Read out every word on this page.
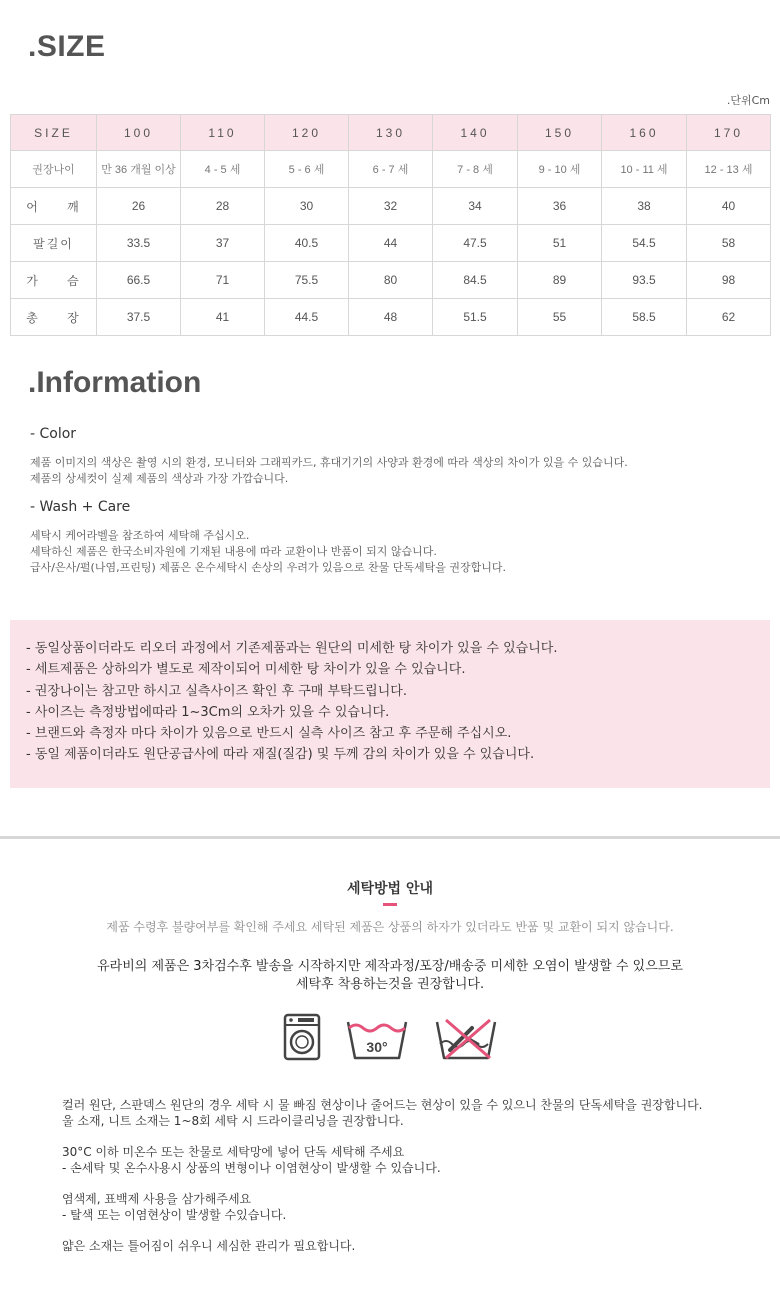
.SIZE
.단위Cm
SIZE	100	110	120	130	140	150	160	170
권장나이	만 36 개월 이상	4 - 5 세	5 - 6 세	6 - 7 세	7 - 8 세	9 - 10 세	10 - 11 세	12 - 13 세
어 깨	26	28	30	32	34	36	38	40
팔길이	33.5	37	40.5	44	47.5	51	54.5	58
가 슴	66.5	71	75.5	80	84.5	89	93.5	98
총 장	37.5	41	44.5	48	51.5	55	58.5	62
.Information
- Color
제품 이미지의 색상은 촬영 시의 환경, 모니터와 그래픽카드, 휴대기기의 사양과 환경에 따라 색상의 차이가 있을 수 있습니다.
제품의 상세컷이 실제 제품의 색상과 가장 가깝습니다.
- Wash + Care
세탁시 케어라벨을 참조하여 세탁해 주십시오.
세탁하신 제품은 한국소비자원에 기재된 내용에 따라 교환이나 반품이 되지 않습니다.
급사/은사/펄(나염,프린팅) 제품은 온수세탁시 손상의 우려가 있음으로 찬물 단독세탁을 권장합니다.
- 동일상품이더라도 리오더 과정에서 기존제품과는 원단의 미세한 탕 차이가 있을 수 있습니다.
- 세트제품은 상하의가 별도로 제작이되어 미세한 탕 차이가 있을 수 있습니다.
- 권장나이는 참고만 하시고 실측사이즈 확인 후 구매 부탁드립니다.
- 사이즈는 측정방법에따라 1~3Cm의 오차가 있을 수 있습니다.
- 브랜드와 측정자 마다 차이가 있음으로 반드시 실측 사이즈 참고 후 주문해 주십시오.
- 동일 제품이더라도 원단공급사에 따라 재질(질감) 및 두께 감의 차이가 있을 수 있습니다.
세탁방법 안내
제품 수령후 불량여부를 확인해 주세요 세탁된 제품은 상품의 하자가 있더라도 반품 및 교환이 되지 않습니다.
유라비의 제품은 3차검수후 발송을 시작하지만 제작과정/포장/배송중 미세한 오염이 발생할 수 있으므로
세탁후 착용하는것을 권장합니다.
30°
컬러 원단, 스판덱스 원단의 경우 세탁 시 물 빠짐 현상이나 줄어드는 현상이 있을 수 있으니 찬물의 단독세탁을 권장합니다.
울 소재, 니트 소재는 1~8회 세탁 시 드라이클리닝을 권장합니다.
30°C 이하 미온수 또는 찬물로 세탁망에 넣어 단독 세탁해 주세요
- 손세탁 및 온수사용시 상품의 변형이나 이염현상이 발생할 수 있습니다.
염색제, 표백제 사용을 삼가해주세요
- 탈색 또는 이염현상이 발생할 수있습니다.
얇은 소재는 틀어짐이 쉬우니 세심한 관리가 필요합니다.
